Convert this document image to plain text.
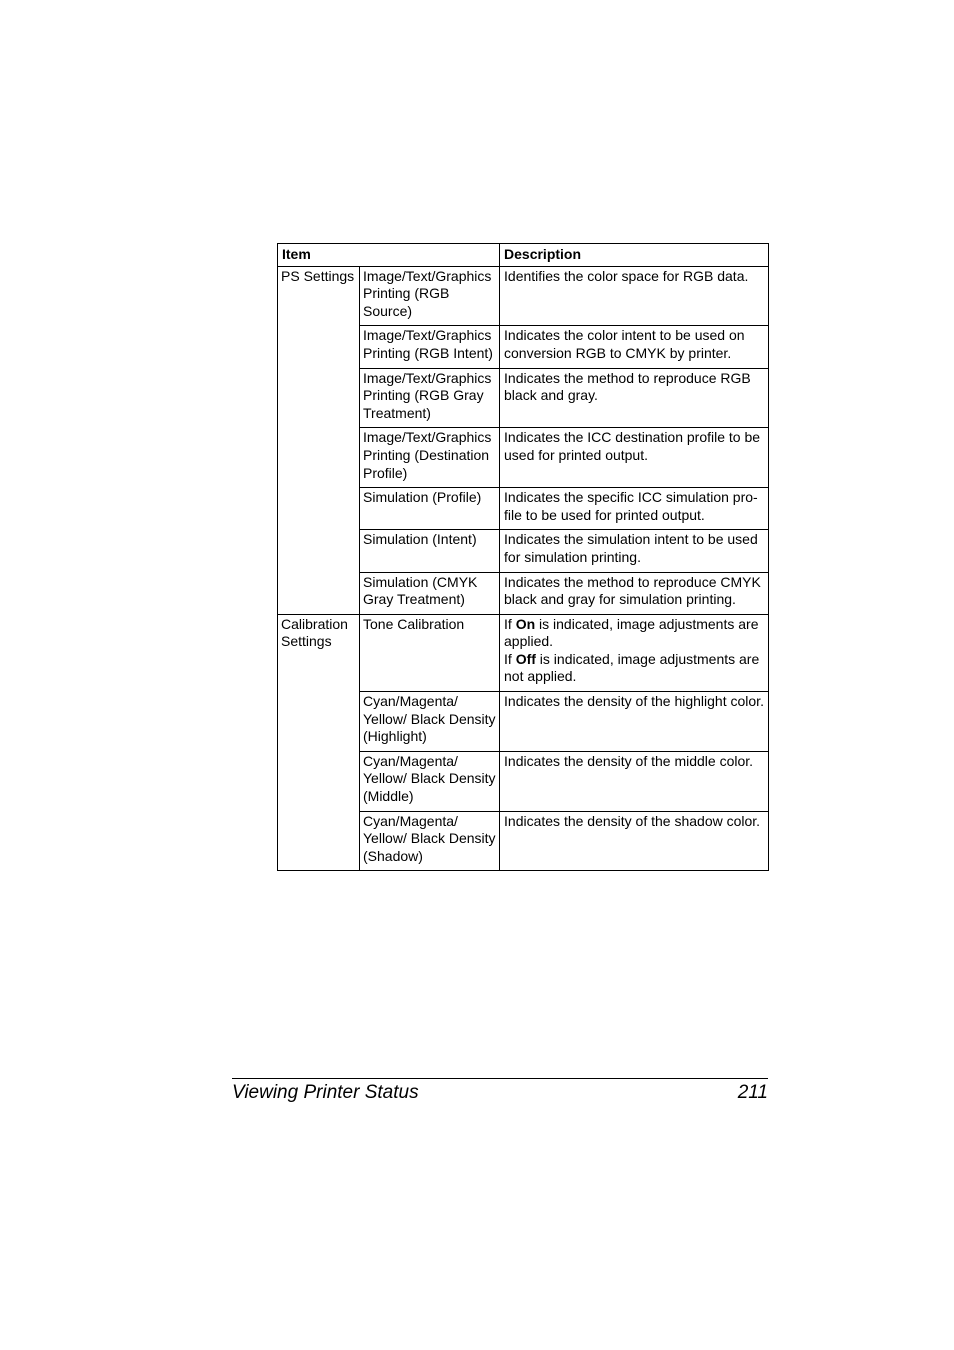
Item		Description
PS Settings	Image/Text/Graphics Printing (RGB Source)	Identifies the color space for RGB data.

	Image/Text/Graphics Printing (RGB Intent)	Indicates the color intent to be used on conversion RGB to CMYK by printer.

	Image/Text/Graphics Printing (RGB Gray Treatment)	Indicates the method to reproduce RGB black and gray.

	Image/Text/Graphics Printing (Destination Profile)	Indicates the ICC destination profile to be used for printed output.

	Simulation (Profile)	Indicates the specific ICC simulation pro-file to be used for printed output.

	Simulation (Intent)	Indicates the simulation intent to be used for simulation printing.

	Simulation (CMYK Gray Treatment)	Indicates the method to reproduce CMYK black and gray for simulation printing.

Calibration Settings	Tone Calibration	If On is indicated, image adjustments are applied.
If Off is indicated, image adjustments are not applied.

	Cyan/Magenta/ Yellow/ Black Density (Highlight)	Indicates the density of the highlight color.

	Cyan/Magenta/ Yellow/ Black Density (Middle)	Indicates the density of the middle color.

	Cyan/Magenta/ Yellow/ Black Density (Shadow)	Indicates the density of the shadow color.
Viewing Printer Status	211
